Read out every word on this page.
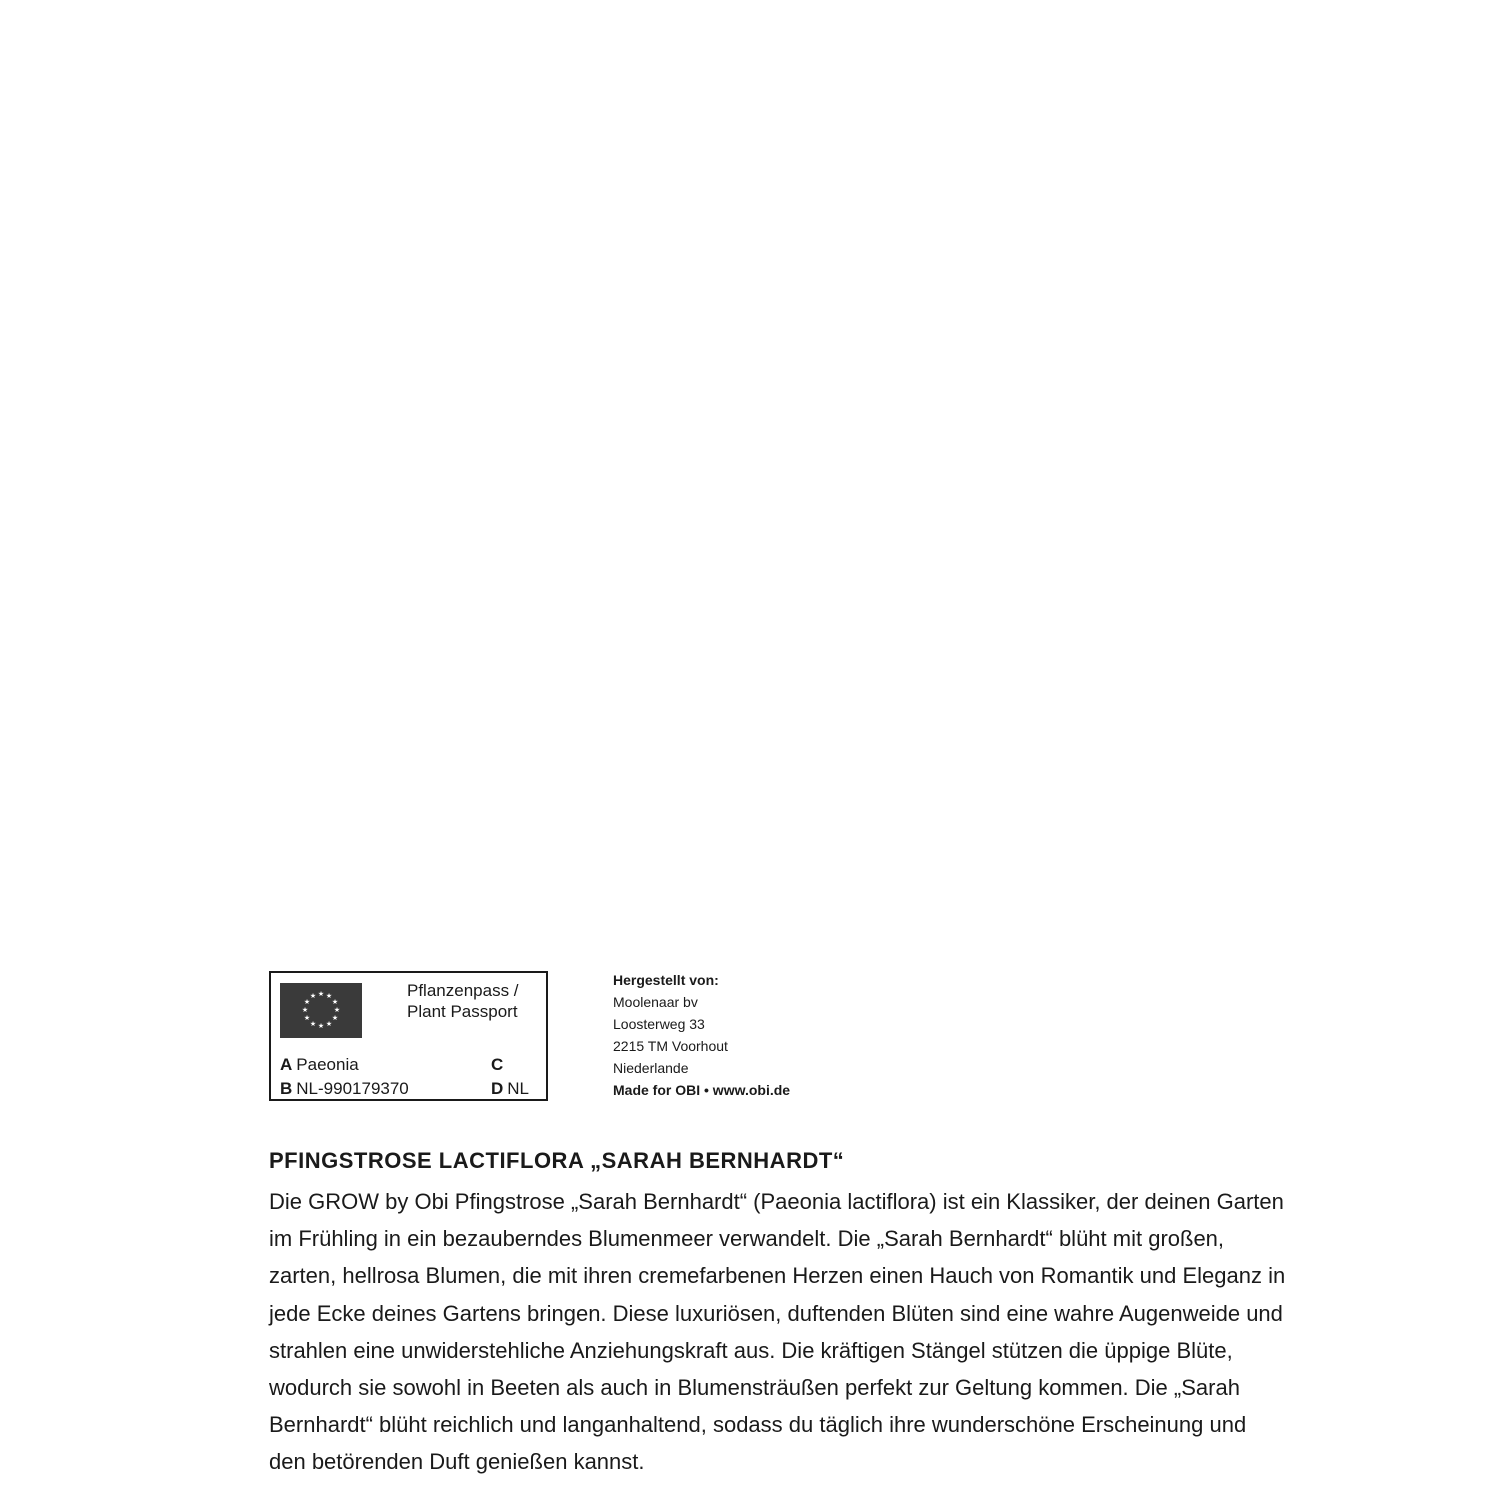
★ ★
★
★
★
★
★
★
★
★
★
★	Pflanzenpass /
Plant Passport
A Paeonia
B NL-990179370
C
D NL
Hergestellt von:
Moolenaar bv
Loosterweg 33
2215 TM Voorhout
Niederlande
Made for OBI • www.obi.de
PFINGSTROSE LACTIFLORA „SARAH BERNHARDT“
Die GROW by Obi Pfingstrose „Sarah Bernhardt“ (Paeonia lactiflora) ist ein Klassiker, der deinen Garten
im Frühling in ein bezauberndes Blumenmeer verwandelt. Die „Sarah Bernhardt“ blüht mit großen,
zarten, hellrosa Blumen, die mit ihren cremefarbenen Herzen einen Hauch von Romantik und Eleganz in
jede Ecke deines Gartens bringen. Diese luxuriösen, duftenden Blüten sind eine wahre Augenweide und
strahlen eine unwiderstehliche Anziehungskraft aus. Die kräftigen Stängel stützen die üppige Blüte,
wodurch sie sowohl in Beeten als auch in Blumensträußen perfekt zur Geltung kommen. Die „Sarah
Bernhardt“ blüht reichlich und langanhaltend, sodass du täglich ihre wunderschöne Erscheinung und
den betörenden Duft genießen kannst.
